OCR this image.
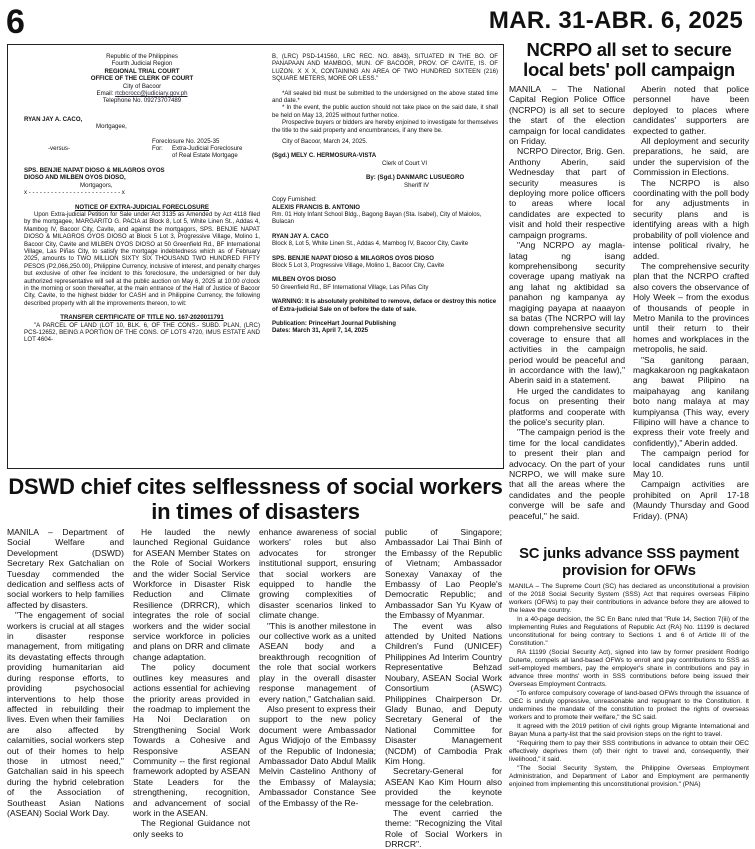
6	MAR. 31-ABR. 6, 2025

Republic of the Philippines

Fourth Judicial Region

REGIONAL TRIAL COURT

OFFICE OF THE CLERK OF COURT

City of Bacoor

Email: rtcbcrocc@judiciary.gov.ph

Telephone No. 09273707489

RYAN JAY A. CACO,

Mortgagee,

Foreclosure No. 2025-35

-versus-	For: Extra-Judicial Foreclosure

of Real Estate Mortgage

SPS. BENJIE NAPAT DIOSO & MILAGROS OYOS

DIOSO AND MILBEN OYOS DIOSO,

Mortgagors,

x - - - - - - - - - - - - - - - - - - - - - - - - - x

NOTICE OF EXTRA-JUDICIAL FORECLOSURE

Upon Extra-judicial Petition for Sale under Act 3135 as Amended by Act 4118 filed by the mortgagee, MARGARITO G. PACIA at Block 8, Lot 5, White Linen St., Addas 4, Mambog IV, Bacoor City, Cavite, and against the mortgagors, SPS. BENJIE NAPAT DIOSO & MILAGROS OYOS DIOSO at Block 5 Lot 3, Progressive Village, Molino 1, Bacoor City, Cavite and MILBEN OYOS DIOSO at 50 Greenfield Rd., BF International Village, Las Piñas City, to satisfy the mortgage indebtedness which as of February 2025, amounts to TWO MILLION SIXTY SIX THOUSAND TWO HUNDRED FIFTY PESOS (P2,066,250.00), Philippine Currency, inclusive of interest, and penalty charges but exclusive of other fee incident to this foreclosure, the undersigned or her duly authorized representative will sell at the public auction on May 6, 2025 at 10:00 o'clock in the morning or soon thereafter, at the main entrance of the Hall of Justice of Bacoor City, Cavite, to the highest bidder for CASH and in Philippine Currency, the following described property with all the improvements thereon, to wit:

TRANSFER CERTIFICATE OF TITLE NO. 167-2020011791

"A PARCEL OF LAND (LOT 10, BLK. 6, OF THE CONS.- SUBD. PLAN, (LRC) PCS-12652, BEING A PORTION OF THE CONS. OF LOTS 4720, IMUS ESTATE AND LOT 4604-

B, (LRC) PSD-141560, LRC REC. NO. 8843), SITUATED IN THE BO. OF PANAPAAN AND MAMBOG, MUN. OF BACOOR, PROV. OF CAVITE, IS. OF LUZON. X X X, CONTAINING AN AREA OF TWO HUNDRED SIXTEEN (216) SQUARE METERS, MORE OR LESS."

*All sealed bid must be submitted to the undersigned on the above stated time and date.*

* In the event, the public auction should not take place on the said date, it shall be held on May 13, 2025 without further notice.

Prospective buyers or bidders are hereby enjoined to investigate for themselves the title to the said property and encumbrances, if any there be.

City of Bacoor, March 24, 2025.

(Sgd.) MELY C. HERMOSURA-VISTA

Clerk of Court VI

By: (Sgd.) DANMARC LUSUEGRO

Sheriff IV

Copy Furnished:

ALEXIS FRANCIS B. ANTONIO

Rm. 01 Holy Infant School Bldg., Bagong Bayan (Sta. Isabel), City of Malolos, Bulacan

RYAN JAY A. CACO

Block 8, Lot 5, White Linen St., Addas 4, Mambog IV, Bacoor City, Cavite

SPS. BENJIE NAPAT DIOSO & MILAGROS OYOS DIOSO

Block 5 Lot 3, Progressive Village, Molino 1, Bacoor City, Cavite

MILBEN OYOS DIOSO

50 Greenfield Rd., BF International Village, Las Piñas City

WARNING: It is absolutely prohibited to remove, deface or destroy this notice of Extra-judicial Sale on of before the date of sale.

Publication: PrinceHart Journal Publishing

Dates: March 31, April 7, 14, 2025

NCRPO all set to secure local bets' poll campaign

MANILA – The National Capital Region Police Office (NCRPO) is all set to secure the start of the election campaign for local candidates on Friday.

NCRPO Director, Brig. Gen. Anthony Aberin, said Wednesday that part of security measures is deploying more police officers to areas where local candidates are expected to visit and hold their respective campaign programs.

"Ang NCRPO ay magla-latag ng isang komprehensibong security coverage upang matiyak na ang lahat ng aktibidad sa panahon ng kampanya ay magiging payapa at naaayon sa batas (The NCRPO will lay down comprehensive security coverage to ensure that all activities in the campaign period would be peaceful and in accordance with the law)," Aberin said in a statement.

He urged the candidates to focus on presenting their platforms and cooperate with the police's security plan.

"The campaign period is the time for the local candidates to present their plan and advocacy. On the part of your NCRPO, we will make sure that all the areas where the candidates and the people converge will be safe and peaceful," he said.

Aberin noted that police personnel have been deployed to places where candidates' supporters are expected to gather.

All deployment and security preparations, he said, are under the supervision of the Commission in Elections.

The NCRPO is also coordinating with the poll body for any adjustments in security plans and is identifying areas with a high probability of poll violence and intense political rivalry, he added.

The comprehensive security plan that the NCRPO crafted also covers the observance of Holy Week – from the exodus of thousands of people in Metro Manila to the provinces until their return to their homes and workplaces in the metropolis, he said.

"Sa ganitong paraan, magkakaroon ng pagkakataon ang bawat Pilipino na maipahayag ang kanilang boto nang malaya at may kumpiyansa (This way, every Filipino will have a chance to express their vote freely and confidently)," Aberin added.

The campaign period for local candidates runs until May 10.

Campaign activities are prohibited on April 17-18 (Maundy Thursday and Good Friday). (PNA)

DSWD chief cites selflessness of social workers in times of disasters

MANILA – Department of Social Welfare and Development (DSWD) Secretary Rex Gatchalian on Tuesday commended the dedication and selfless acts of social workers to help families affected by disasters.

"The engagement of social workers is crucial at all stages in disaster response management, from mitigating its devastating effects through providing humanitarian aid during response efforts, to providing psychosocial interventions to help those affected in rebuilding their lives. Even when their families are also affected by calamities, social workers step out of their homes to help those in utmost need," Gatchalian said in his speech during the hybrid celebration of the Association of Southeast Asian Nations (ASEAN) Social Work Day.

He lauded the newly launched Regional Guidance for ASEAN Member States on the Role of Social Workers and the wider Social Service Workforce in Disaster Risk Reduction and Climate Resilience (DRRCR), which integrates the role of social workers and the wider social service workforce in policies and plans on DRR and climate change adaptation.

The policy document outlines key measures and actions essential for achieving the priority areas provided in the roadmap to implement the Ha Noi Declaration on Strengthening Social Work Towards a Cohesive and Responsive ASEAN Community -- the first regional framework adopted by ASEAN State Leaders for the strengthening, recognition, and advancement of social work in the ASEAN.

The Regional Guidance not only seeks to

enhance awareness of social workers' roles but also advocates for stronger institutional support, ensuring that social workers are equipped to handle the growing complexities of disaster scenarios linked to climate change.

"This is another milestone in our collective work as a united ASEAN body and a breakthrough recognition of the role that social workers play in the overall disaster response management of every nation," Gatchalian said.

Also present to express their support to the new policy document were Ambassador Agus Widjojo of the Embassy of the Republic of Indonesia; Ambassador Dato Abdul Malik Melvin Castelino Anthony of the Embassy of Malaysia; Ambassador Constance See of the Embassy of the Re-

public of Singapore; Ambassador Lai Thai Binh of the Embassy of the Republic of Vietnam; Ambassador Sonexay Vanaxay of the Embassy of Lao People's Democratic Republic; and Ambassador San Yu Kyaw of the Embassy of Myanmar.

The event was also attended by United Nations Children's Fund (UNICEF) Philippines Ad Interim Country Representative Behzad Noubary, ASEAN Social Work Consortium (ASWC) Philippines Chairperson Dr. Glady Bunao, and Deputy Secretary General of the National Committee for Disaster Management (NCDM) of Cambodia Prak Kim Hong.

Secretary-General for ASEAN Kao Kim Hourn also provided the keynote message for the celebration.

The event carried the theme: "Recognizing the Vital Role of Social Workers in DRRCR".

SC junks advance SSS payment provision for OFWs

MANILA – The Supreme Court (SC) has declared as unconstitutional a provision of the 2018 Social Security System (SSS) Act that requires overseas Filipino workers (OFWs) to pay their contributions in advance before they are allowed to the leave the country.

In a 40-page decision, the SC En Banc ruled that "Rule 14, Section 7(iii) of the Implementing Rules and Regulations of Republic Act (RA) No. 11199 is declared unconstitutional for being contrary to Sections 1 and 6 of Article III of the Constitution."

RA 11199 (Social Security Act), signed into law by former president Rodrigo Duterte, compels all land-based OFWs to enroll and pay contributions to SSS as self-employed members, pay the employer's share in contributions and pay in advance three months' worth in SSS contributions before being issued their Overseas Employment Contracts.

"To enforce compulsory coverage of land-based OFWs through the issuance of OEC is unduly oppressive, unreasonable and repugnant to the Constitution. It undermines the mandate of the constitution to protect the rights of overseas workers and to promote their welfare," the SC said.

It agreed with the 2019 petition of civil rights group Migrante International and Bayan Muna a party-list that the said provision steps on the right to travel.

"Requiring them to pay their SSS contributions in advance to obtain their OEC effectively deprives them (of) their right to travel and, consequently, their livelihood," it said.

"The Social Security System, the Philippine Overseas Employment Administration, and Department of Labor and Employment are permanently enjoined from implementing this unconstitutional provision." (PNA)
